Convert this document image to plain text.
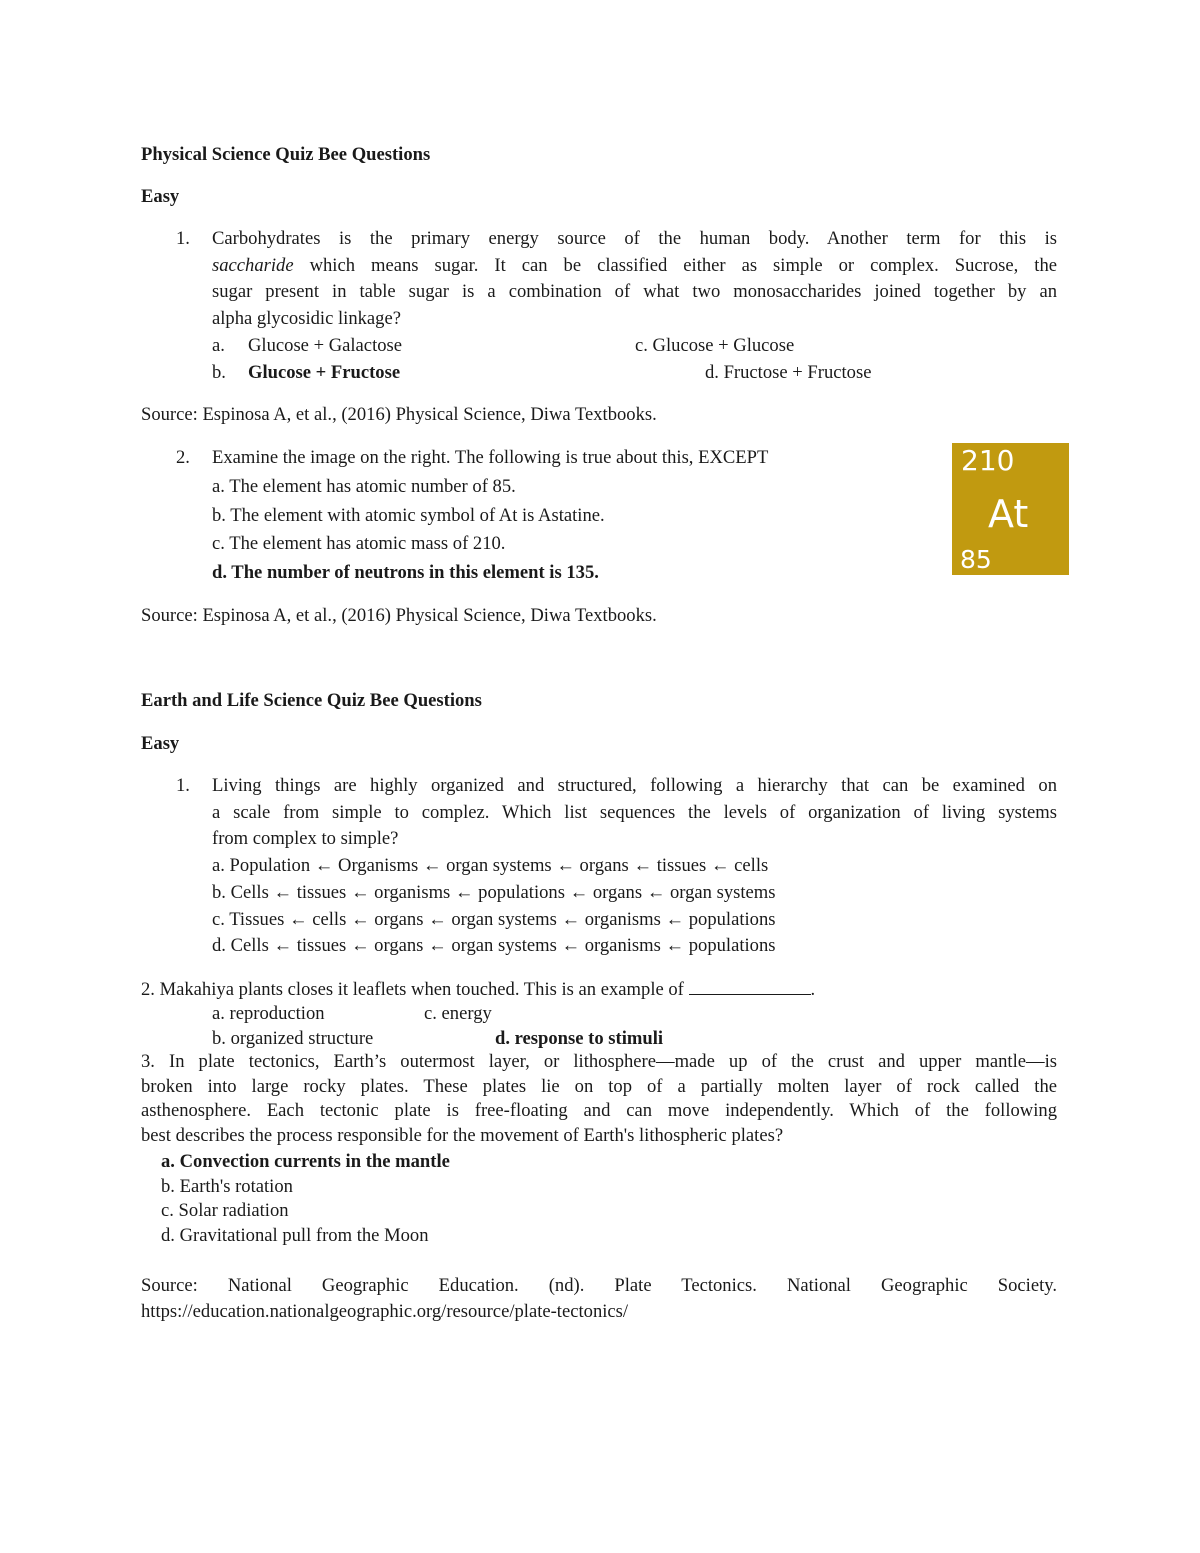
Physical Science Quiz Bee Questions
Easy
1. Carbohydrates is the primary energy source of the human body. Another term for this is
saccharide which means sugar. It can be classified either as simple or complex. Sucrose, the
sugar present in table sugar is a combination of what two monosaccharides joined together by an
alpha glycosidic linkage?
a. Glucose + Galactose	c. Glucose + Glucose
b. Glucose + Fructose	d. Fructose + Fructose
Source: Espinosa A, et al., (2016) Physical Science, Diwa Textbooks.
2. Examine the image on the right. The following is true about this, EXCEPT
a. The element has atomic number of 85.
b. The element with atomic symbol of At is Astatine.
c. The element has atomic mass of 210.
d. The number of neutrons in this element is 135.
210
At
85
Source: Espinosa A, et al., (2016) Physical Science, Diwa Textbooks.
Earth and Life Science Quiz Bee Questions
Easy
1. Living things are highly organized and structured, following a hierarchy that can be examined on
a scale from simple to complez. Which list sequences the levels of organization of living systems
from complex to simple?
a. Population ← Organisms ← organ systems ← organs ← tissues ← cells
b. Cells ← tissues ← organisms ← populations ← organs ← organ systems
c. Tissues ← cells ← organs ← organ systems ← organisms ← populations
d. Cells ← tissues ← organs ← organ systems ← organisms ← populations
2. Makahiya plants closes it leaflets when touched. This is an example of	.
a. reproduction	c. energy
b. organized structure	d. response to stimuli
3. In plate tectonics, Earth’s outermost layer, or lithosphere—made up of the crust and upper mantle—is
broken into large rocky plates. These plates lie on top of a partially molten layer of rock called the
asthenosphere. Each tectonic plate is free-floating and can move independently. Which of the following
best describes the process responsible for the movement of Earth's lithospheric plates?
a. Convection currents in the mantle
b. Earth's rotation
c. Solar radiation
d. Gravitational pull from the Moon
Source: National Geographic Education. (nd). Plate Tectonics. National Geographic Society.
https://education.nationalgeographic.org/resource/plate-tectonics/
